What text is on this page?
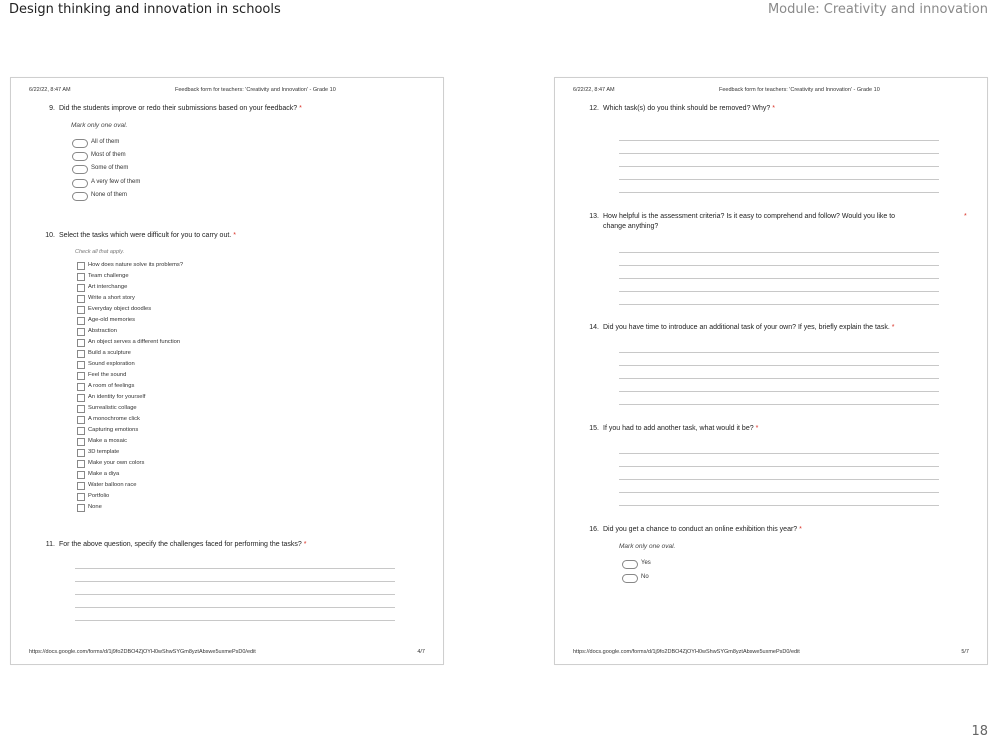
Design thinking and innovation in schools	Module: Creativity and innovation
6/22/22, 8:47 AM	Feedback form for teachers: 'Creativity and Innovation' - Grade 10
9. Did the students improve or redo their submissions based on your feedback? *
Mark only one oval.
All of them
Most of them
Some of them
A very few of them
None of them
10. Select the tasks which were difficult for you to carry out. *
Check all that apply.
How does nature solve its problems?
Team challenge
Art interchange
Write a short story
Everyday object doodles
Age-old memories
Abstraction
An object serves a different function
Build a sculpture
Sound exploration
Feel the sound
A room of feelings
An identity for yourself
Surrealistic collage
A monochrome click
Capturing emotions
Make a mosaic
3D template
Make your own colors
Make a diya
Water balloon race
Portfolio
None
11. For the above question, specify the challenges faced for performing the tasks? *
https://docs.google.com/forms/d/1j9fo2DBO4ZjOYH0wShwSYGm8yztAbswe5uxmePsD0/edit	4/7
6/22/22, 8:47 AM	Feedback form for teachers: 'Creativity and Innovation' - Grade 10
12. Which task(s) do you think should be removed? Why? *
13. How helpful is the assessment criteria? Is it easy to comprehend and follow? Would you like to	*
change anything?
14. Did you have time to introduce an additional task of your own? If yes, briefly explain the task. *
15. If you had to add another task, what would it be? *
16. Did you get a chance to conduct an online exhibition this year? *
Mark only one oval.
Yes
No
https://docs.google.com/forms/d/1j9fo2DBO4ZjOYH0wShwSYGm8yztAbswe5uxmePsD0/edit	5/7
18
